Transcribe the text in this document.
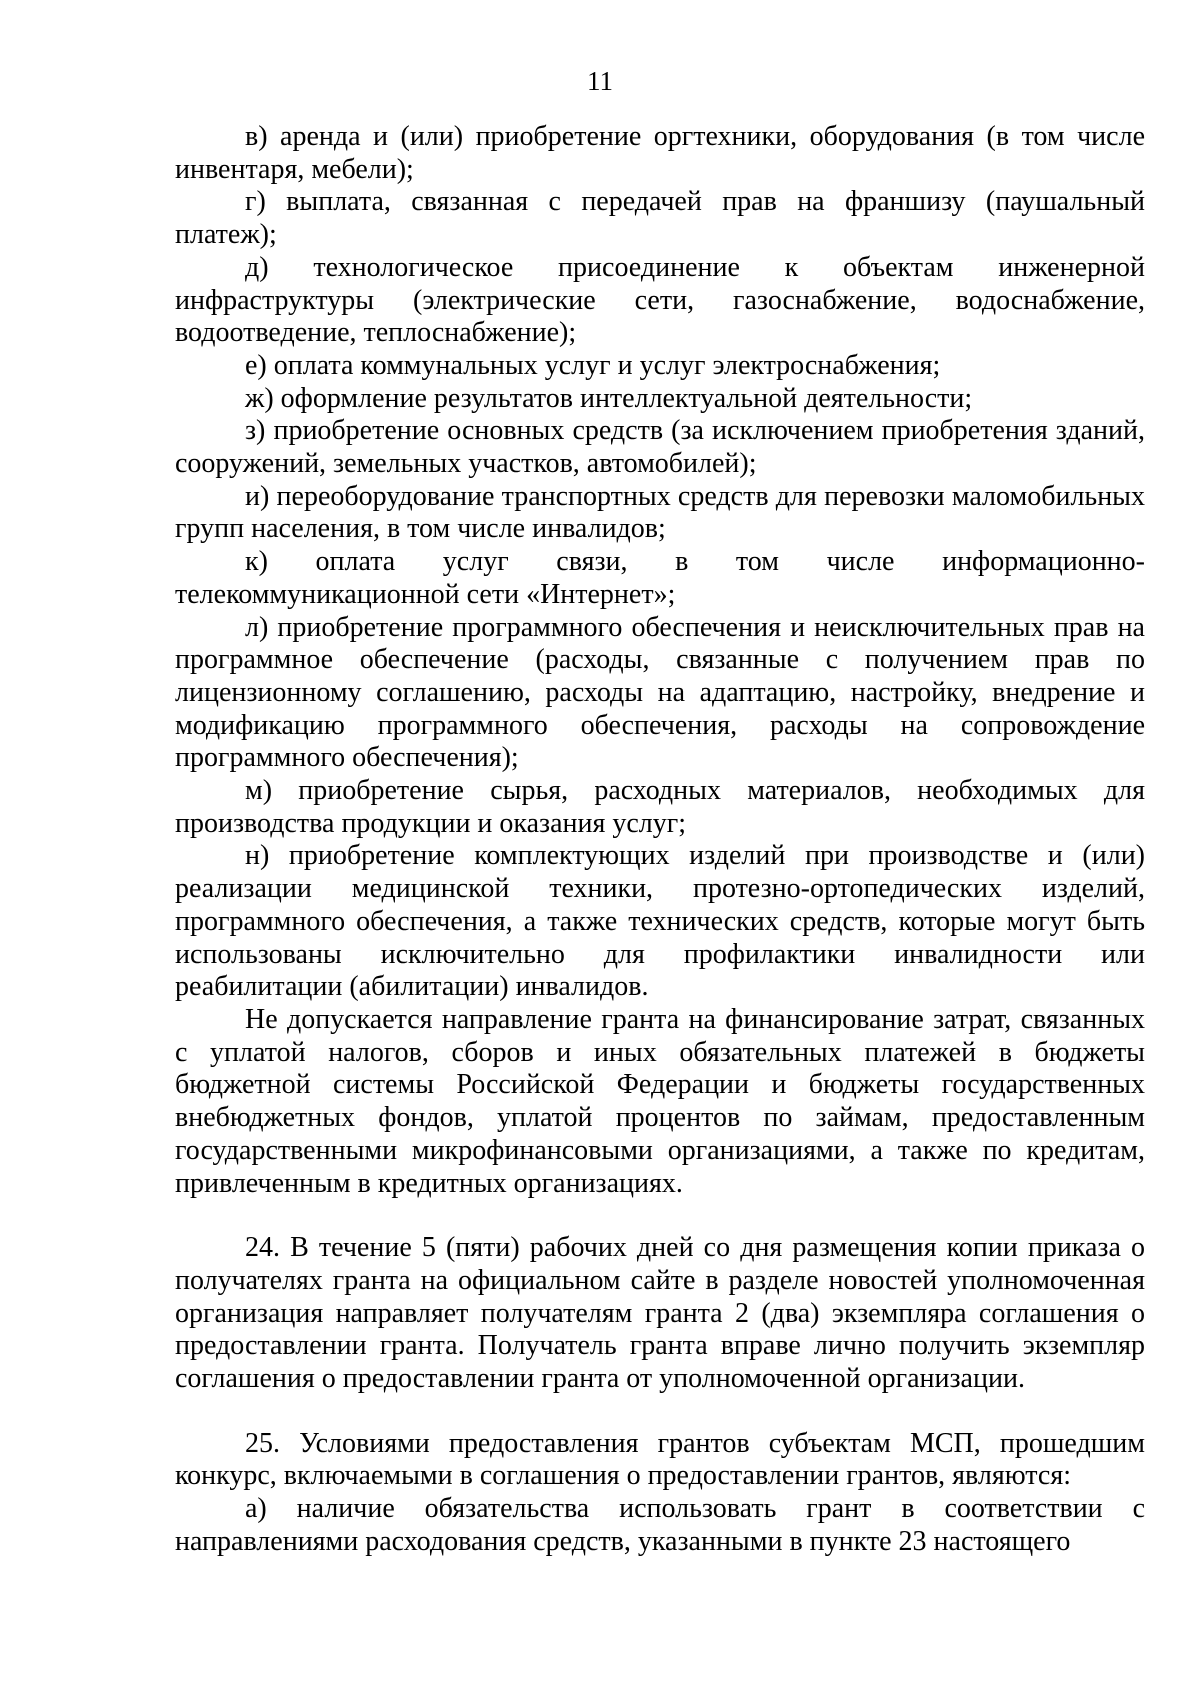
11

в) аренда и (или) приобретение оргтехники, оборудования (в том числе инвентаря, мебели);

г) выплата, связанная с передачей прав на франшизу (паушальный платеж);

д) технологическое присоединение к объектам инженерной инфраструктуры (электрические сети, газоснабжение, водоснабжение, водоотведение, теплоснабжение);

е) оплата коммунальных услуг и услуг электроснабжения;

ж) оформление результатов интеллектуальной деятельности;

з) приобретение основных средств (за исключением приобретения зданий, сооружений, земельных участков, автомобилей);

и) переоборудование транспортных средств для перевозки маломобильных групп населения, в том числе инвалидов;

к) оплата услуг связи, в том числе информационно-телекоммуникационной сети «Интернет»;

л) приобретение программного обеспечения и неисключительных прав на программное обеспечение (расходы, связанные с получением прав по лицензионному соглашению, расходы на адаптацию, настройку, внедрение и модификацию программного обеспечения, расходы на сопровождение программного обеспечения);

м) приобретение сырья, расходных материалов, необходимых для производства продукции и оказания услуг;

н) приобретение комплектующих изделий при производстве и (или) реализации медицинской техники, протезно-ортопедических изделий, программного обеспечения, а также технических средств, которые могут быть использованы исключительно для профилактики инвалидности или реабилитации (абилитации) инвалидов.

Не допускается направление гранта на финансирование затрат, связанных с уплатой налогов, сборов и иных обязательных платежей в бюджеты бюджетной системы Российской Федерации и бюджеты государственных внебюджетных фондов, уплатой процентов по займам, предоставленным государственными микрофинансовыми организациями, а также по кредитам, привлеченным в кредитных организациях.

24. В течение 5 (пяти) рабочих дней со дня размещения копии приказа о получателях гранта на официальном сайте в разделе новостей уполномоченная организация направляет получателям гранта 2 (два) экземпляра соглашения о предоставлении гранта. Получатель гранта вправе лично получить экземпляр соглашения о предоставлении гранта от уполномоченной организации.

25. Условиями предоставления грантов субъектам МСП, прошедшим конкурс, включаемыми в соглашения о предоставлении грантов, являются:

а) наличие обязательства использовать грант в соответствии с направлениями расходования средств, указанными в пункте 23 настоящего
